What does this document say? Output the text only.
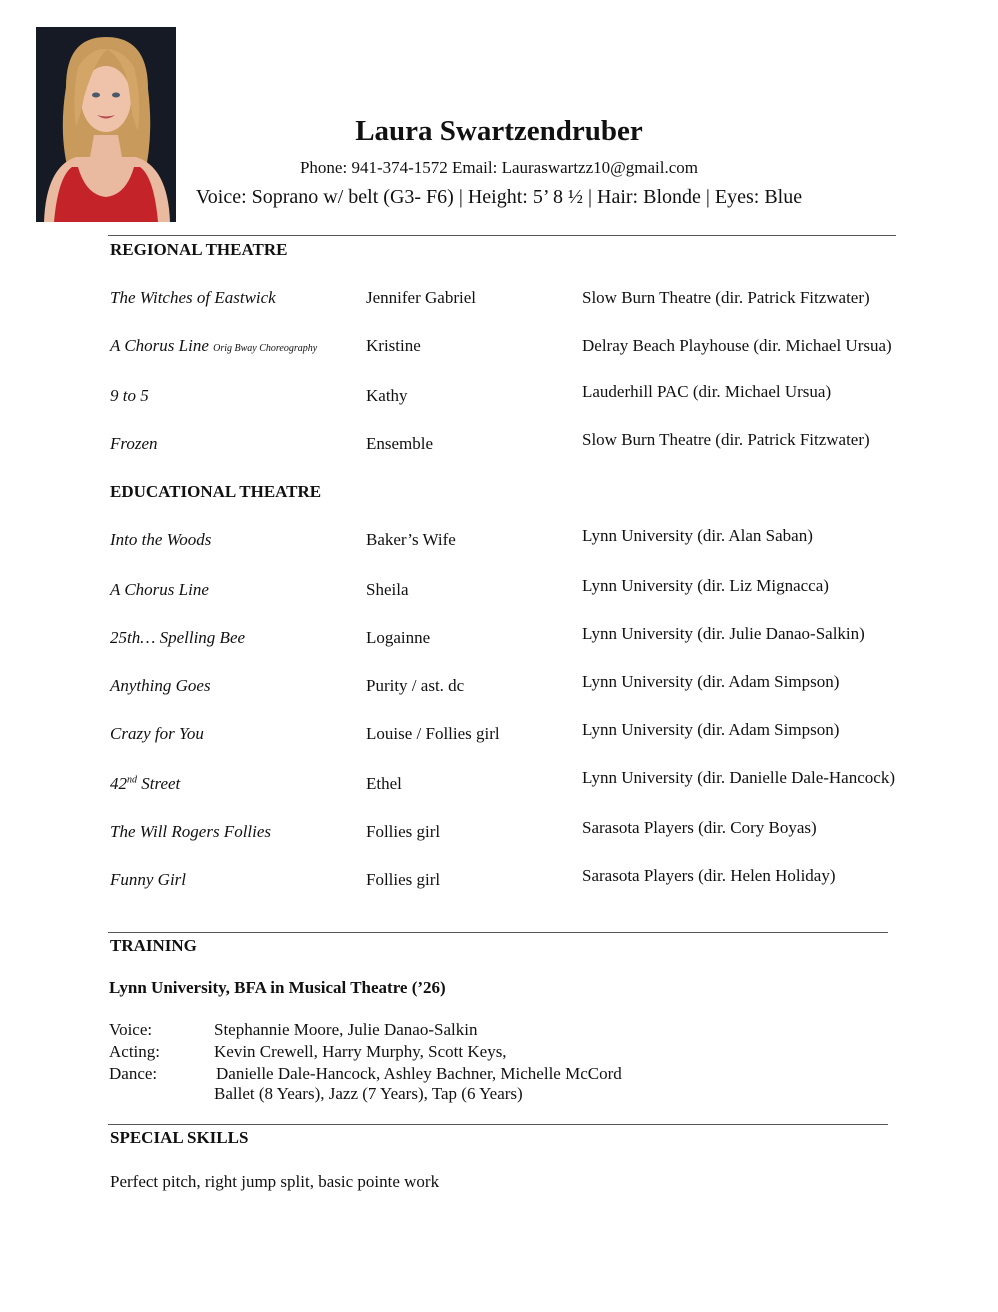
Laura Swartzendruber
Phone: 941-374-1572 Email: Lauraswartzz10@gmail.com
Voice: Soprano w/ belt (G3- F6) | Height: 5’ 8 ½ | Hair: Blonde | Eyes: Blue
REGIONAL THEATRE
The Witches of Eastwick	Jennifer Gabriel	Slow Burn Theatre (dir. Patrick Fitzwater)
A Chorus Line Orig Bway Choreography	Kristine	Delray Beach Playhouse (dir. Michael Ursua)
9 to 5	Kathy	Lauderhill PAC (dir. Michael Ursua)
Frozen	Ensemble	Slow Burn Theatre (dir. Patrick Fitzwater)
EDUCATIONAL THEATRE
Into the Woods	Baker’s Wife	Lynn University (dir. Alan Saban)
A Chorus Line	Sheila	Lynn University (dir. Liz Mignacca)
25th… Spelling Bee	Logainne	Lynn University (dir. Julie Danao-Salkin)
Anything Goes	Purity / ast. dc	Lynn University (dir. Adam Simpson)
Crazy for You	Louise / Follies girl	Lynn University (dir. Adam Simpson)
42nd Street	Ethel	Lynn University (dir. Danielle Dale-Hancock)
The Will Rogers Follies	Follies girl	Sarasota Players (dir. Cory Boyas)
Funny Girl	Follies girl	Sarasota Players (dir. Helen Holiday)
TRAINING
Lynn University, BFA in Musical Theatre (’26)
Voice:	Stephannie Moore, Julie Danao-Salkin
Acting:	Kevin Crewell, Harry Murphy, Scott Keys,
Dance:	Danielle Dale-Hancock, Ashley Bachner, Michelle McCord
Ballet (8 Years), Jazz (7 Years), Tap (6 Years)
SPECIAL SKILLS
Perfect pitch, right jump split, basic pointe work
